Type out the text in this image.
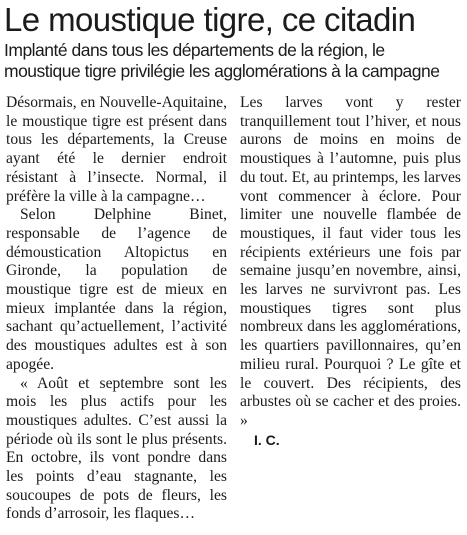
Le moustique tigre, ce citadin
Implanté dans tous les départements de la région, le
moustique tigre privilégie les agglomérations à la campagne

Désormais, en Nouvelle-Aquitaine, le moustique tigre est présent dans tous les départements, la Creuse ayant été le dernier endroit résistant à l’insecte. Normal, il préfère la ville à la campagne…

Selon Delphine Binet, responsable de l’agence de démoustication Altopictus en Gironde, la population de moustique tigre est de mieux en mieux implantée dans la région, sachant qu’actuellement, l’activité des moustiques adultes est à son apogée.

« Août et septembre sont les mois les plus actifs pour les moustiques adultes. C’est aussi la période où ils sont le plus présents. En octobre, ils vont pondre dans les points d’eau stagnante, les soucoupes de pots de fleurs, les fonds d’arrosoir, les flaques…

Les larves vont y rester tranquillement tout l’hiver, et nous aurons de moins en moins de moustiques à l’automne, puis plus du tout. Et, au printemps, les larves vont commencer à éclore. Pour limiter une nouvelle flambée de moustiques, il faut vider tous les récipients extérieurs une fois par semaine jusqu’en novembre, ainsi, les larves ne survivront pas. Les moustiques tigres sont plus nombreux dans les agglomérations, les quartiers pavillonnaires, qu’en milieu rural. Pourquoi ? Le gîte et le couvert. Des récipients, des arbustes où se cacher et des proies. »

I. C.
